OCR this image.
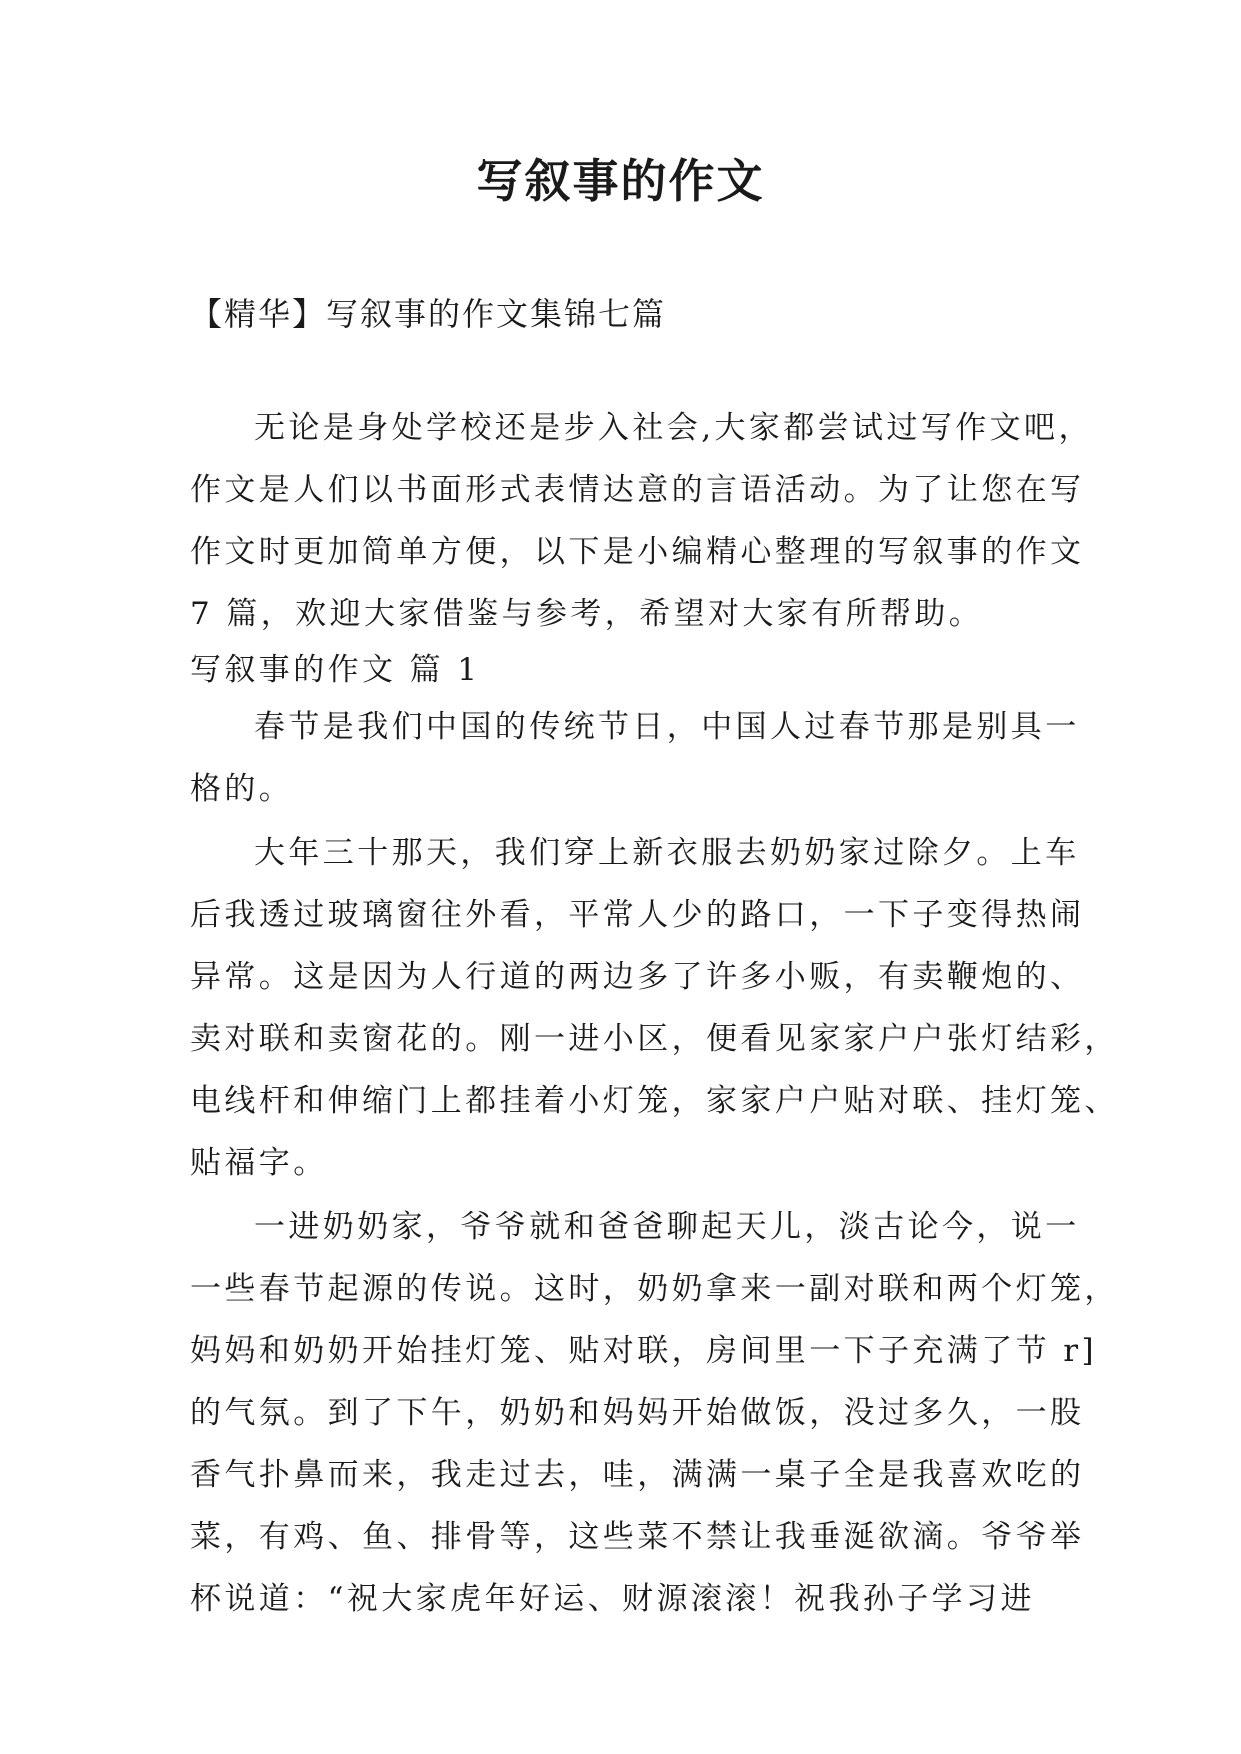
写叙事的作文
【精华】写叙事的作文集锦七篇
无论是身处学校还是步入社会,大家都尝试过写作文吧，
作文是人们以书面形式表情达意的言语活动。为了让您在写
作文时更加简单方便，以下是小编精心整理的写叙事的作文
7 篇，欢迎大家借鉴与参考，希望对大家有所帮助。
写叙事的作文 篇 1
春节是我们中国的传统节日，中国人过春节那是别具一
格的。
大年三十那天，我们穿上新衣服去奶奶家过除夕。上车
后我透过玻璃窗往外看，平常人少的路口，一下子变得热闹
异常。这是因为人行道的两边多了许多小贩，有卖鞭炮的、
卖对联和卖窗花的。刚一进小区，便看见家家户户张灯结彩，
电线杆和伸缩门上都挂着小灯笼，家家户户贴对联、挂灯笼、
贴福字。
一进奶奶家，爷爷就和爸爸聊起天儿，淡古论今，说一
一些春节起源的传说。这时，奶奶拿来一副对联和两个灯笼，
妈妈和奶奶开始挂灯笼、贴对联，房间里一下子充满了节 r]
的气氛。到了下午，奶奶和妈妈开始做饭，没过多久，一股
香气扑鼻而来，我走过去，哇，满满一桌子全是我喜欢吃的
菜，有鸡、鱼、排骨等，这些菜不禁让我垂涎欲滴。爷爷举
杯说道：“祝大家虎年好运、财源滚滚！祝我孙子学习进
